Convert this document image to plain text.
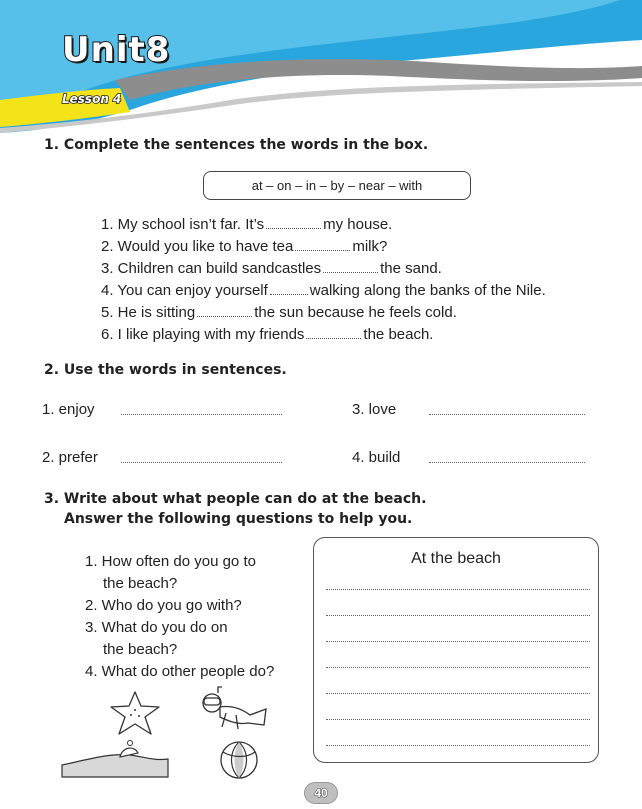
Unit8
Lesson 4
1. Complete the sentences the words in the box.
at – on – in – by – near – with
1. My school isn’t far. It’s	my house.
2. Would you like to have tea	milk?
3. Children can build sandcastles	the sand.
4. You can enjoy yourself	walking along the banks of the Nile.
5. He is sitting	the sun because he feels cold.
6. I like playing with my friends	the beach.
2. Use the words in sentences.
1. enjoy	3. love
2. prefer	4. build
3. Write about what people can do at the beach.
Answer the following questions to help you.
1. How often do you go to
the beach?
2. Who do you go with?
3. What do you do on
the beach?
4. What do other people do?
At the beach
40
